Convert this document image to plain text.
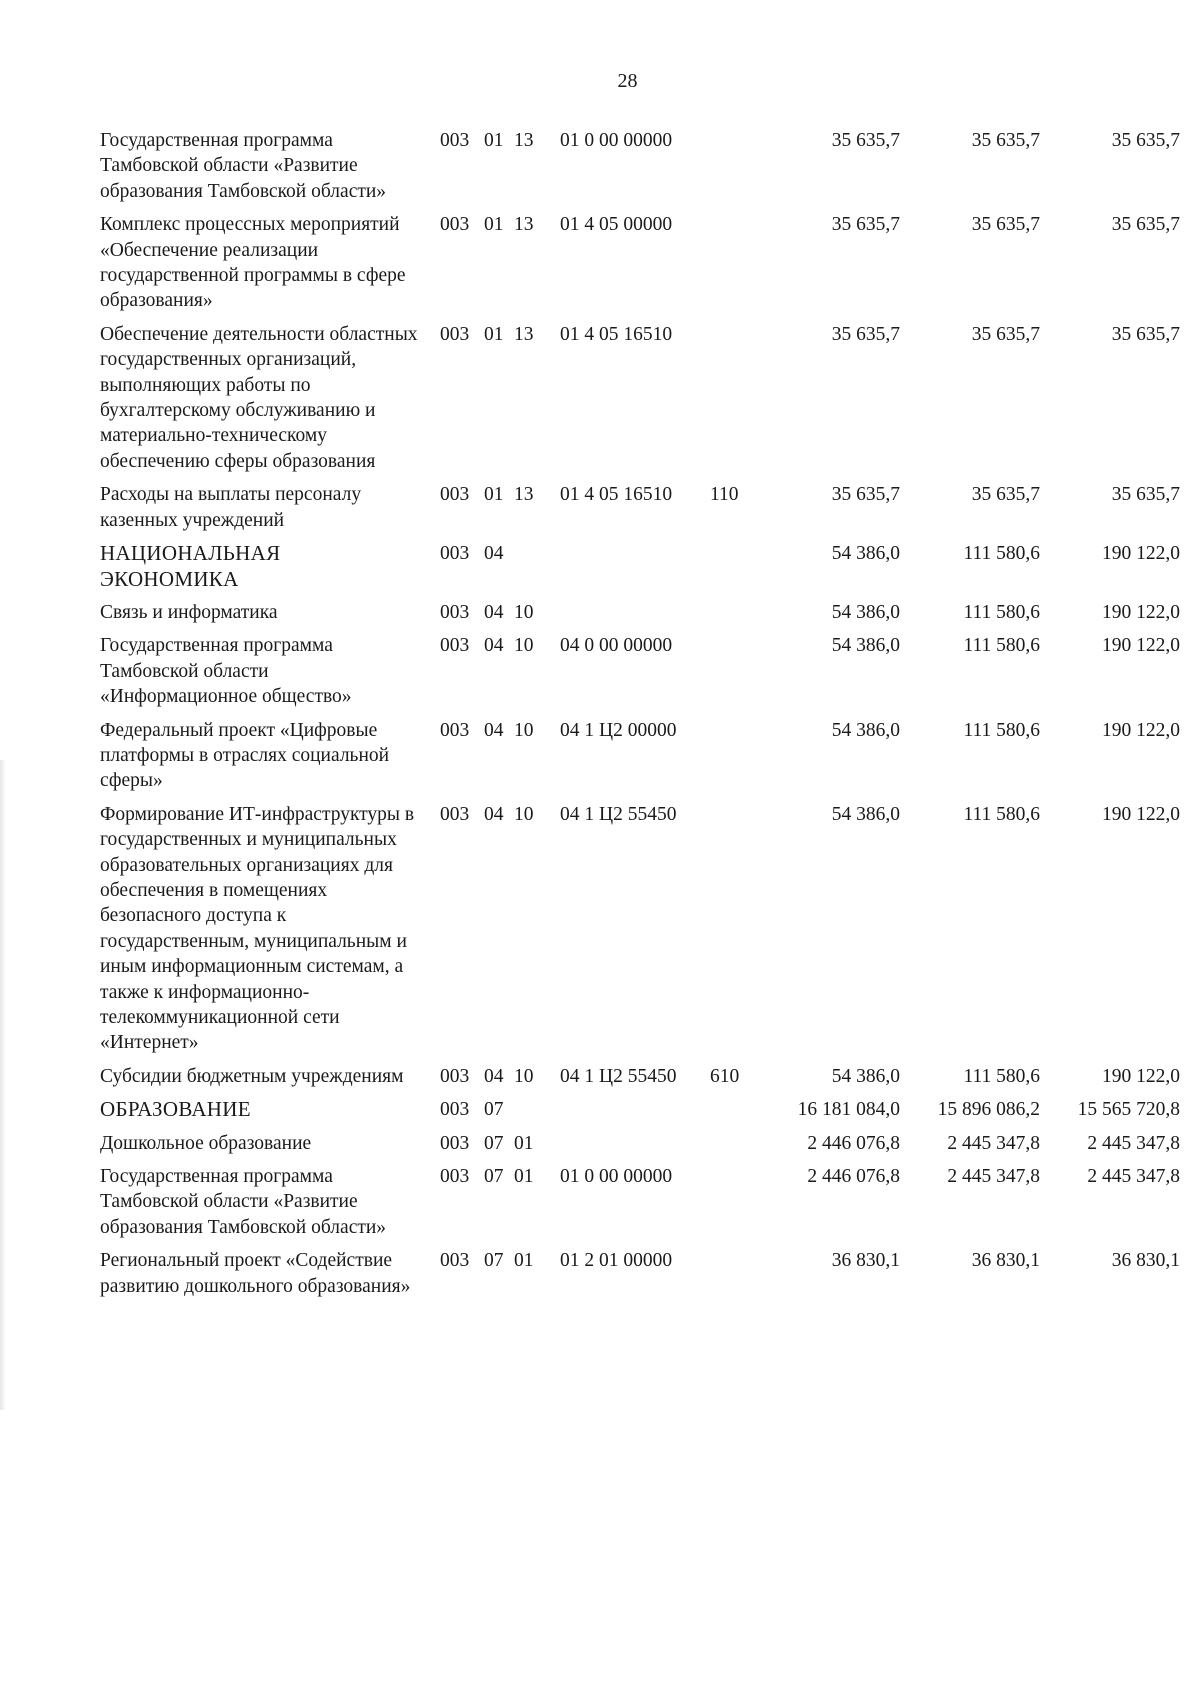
28
Государственная программа Тамбовской области «Развитие образования Тамбовской области»	003	01	13	01 0 00 00000		35 635,7	35 635,7	35 635,7
Комплекс процессных мероприятий «Обеспечение реализации государственной программы в сфере образования»	003	01	13	01 4 05 00000		35 635,7	35 635,7	35 635,7
Обеспечение деятельности областных государственных организаций, выполняющих работы по бухгалтерскому обслуживанию и материально-техническому обеспечению сферы образования	003	01	13	01 4 05 16510		35 635,7	35 635,7	35 635,7
Расходы на выплаты персоналу казенных учреждений	003	01	13	01 4 05 16510	110	35 635,7	35 635,7	35 635,7
НАЦИОНАЛЬНАЯ ЭКОНОМИКА	003	04				54 386,0	111 580,6	190 122,0
Связь и информатика	003	04	10			54 386,0	111 580,6	190 122,0
Государственная программа Тамбовской области «Информационное общество»	003	04	10	04 0 00 00000		54 386,0	111 580,6	190 122,0
Федеральный проект «Цифровые платформы в отраслях социальной сферы»	003	04	10	04 1 Ц2 00000		54 386,0	111 580,6	190 122,0
Формирование ИТ-инфраструктуры в государственных и муниципальных образовательных организациях для обеспечения в помещениях безопасного доступа к государственным, муниципальным и иным информационным системам, а также к информационно-телекоммуникационной сети «Интернет»	003	04	10	04 1 Ц2 55450		54 386,0	111 580,6	190 122,0
Субсидии бюджетным учреждениям	003	04	10	04 1 Ц2 55450	610	54 386,0	111 580,6	190 122,0
ОБРАЗОВАНИЕ	003	07				16 181 084,0	15 896 086,2	15 565 720,8
Дошкольное образование	003	07	01			2 446 076,8	2 445 347,8	2 445 347,8
Государственная программа Тамбовской области «Развитие образования Тамбовской области»	003	07	01	01 0 00 00000		2 446 076,8	2 445 347,8	2 445 347,8
Региональный проект «Содействие развитию дошкольного образования»	003	07	01	01 2 01 00000		36 830,1	36 830,1	36 830,1
